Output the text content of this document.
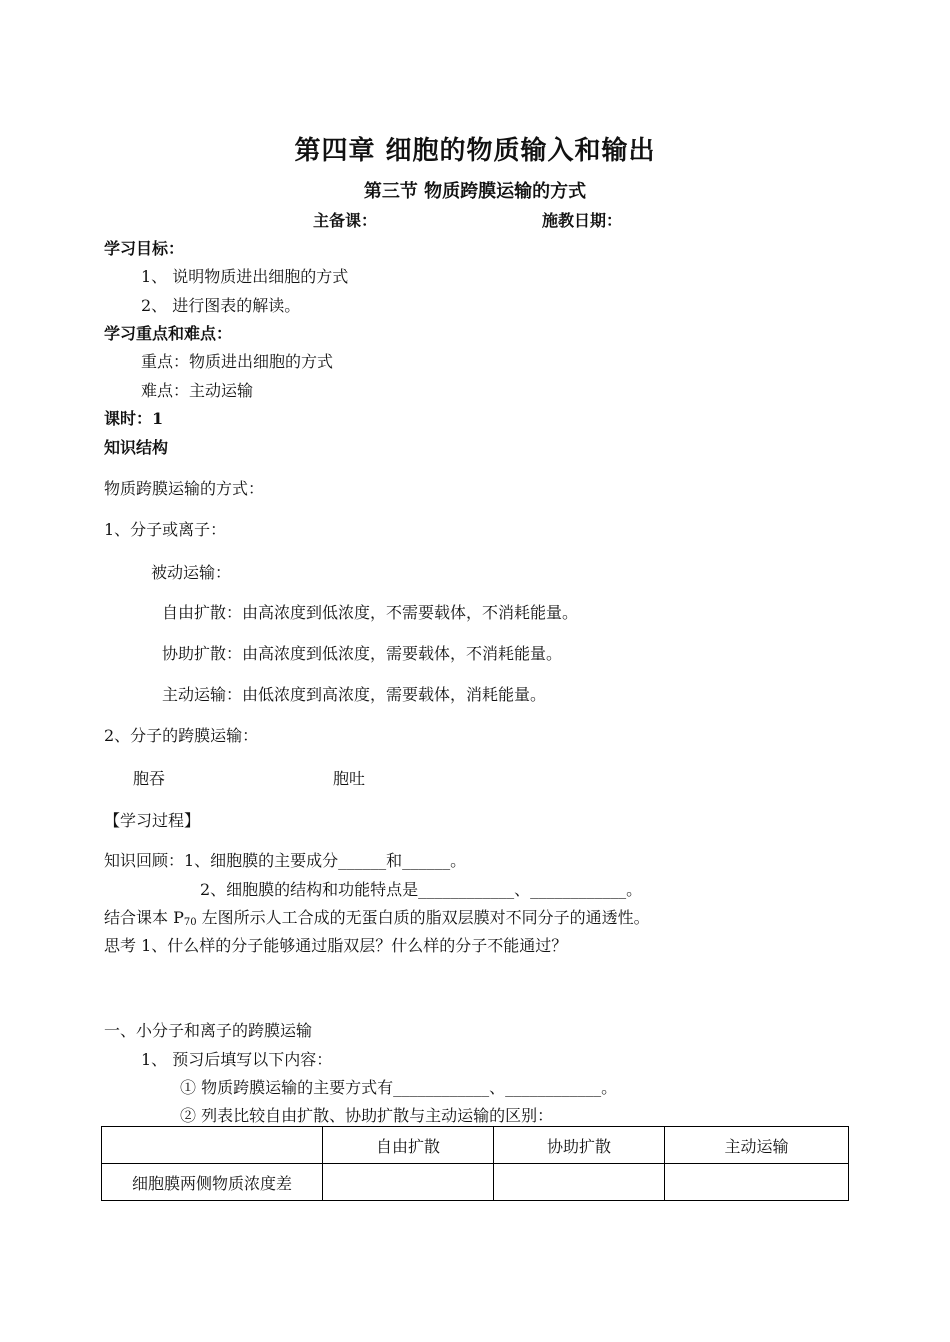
第四章 细胞的物质输入和输出
第三节 物质跨膜运输的方式
主备课：	施教日期：
学习目标：
1、 说明物质进出细胞的方式
2、 进行图表的解读。
学习重点和难点：
重点：物质进出细胞的方式
难点：主动运输
课时：1
知识结构
物质跨膜运输的方式：
1、分子或离子：
被动运输：
自由扩散：由高浓度到低浓度，不需要载体，不消耗能量。
协助扩散：由高浓度到低浓度，需要载体，不消耗能量。
主动运输：由低浓度到高浓度，需要载体，消耗能量。
2、分子的跨膜运输：
胞吞	胞吐
【学习过程】
知识回顾：1、细胞膜的主要成分______和______。
2、细胞膜的结构和功能特点是____________、____________。
结合课本 $P_{70}$ 左图所示人工合成的无蛋白质的脂双层膜对不同分子的通透性。
思考 1、什么样的分子能够通过脂双层？什么样的分子不能通过？
一、小分子和离子的跨膜运输
1、 预习后填写以下内容：
① 物质跨膜运输的主要方式有____________、____________。
② 列表比较自由扩散、协助扩散与主动运输的区别：
	自由扩散	协助扩散	主动运输
细胞膜两侧物质浓度差			
